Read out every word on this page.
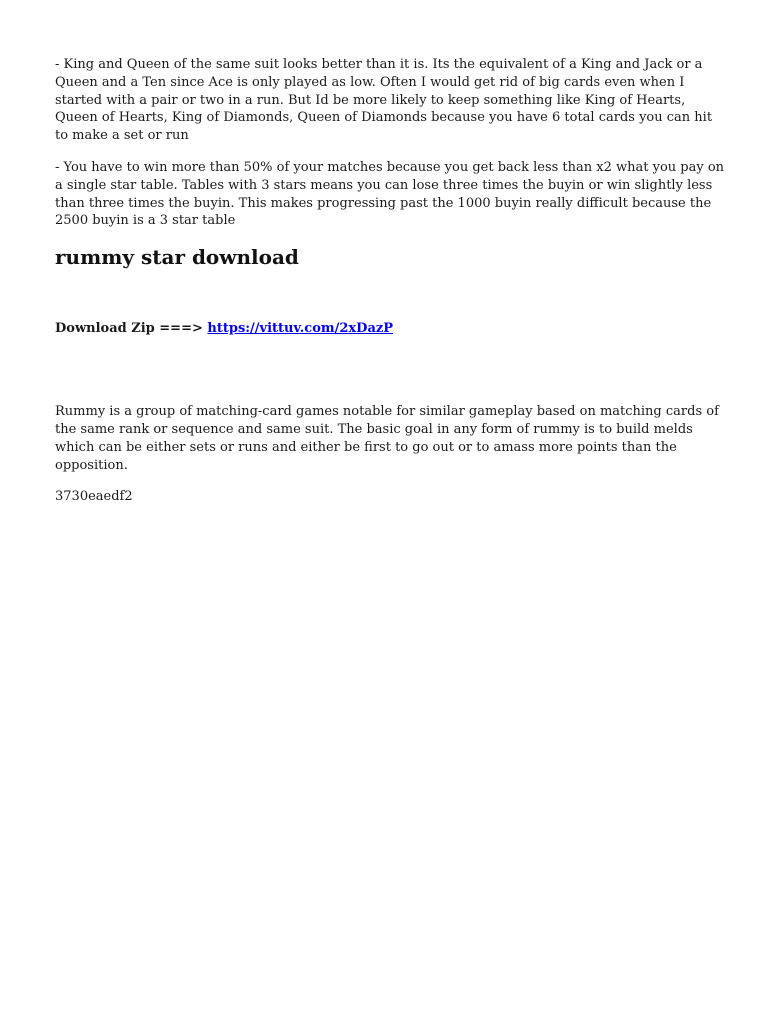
- King and Queen of the same suit looks better than it is. Its the equivalent of a King and Jack or a Queen and a Ten since Ace is only played as low. Often I would get rid of big cards even when I started with a pair or two in a run. But Id be more likely to keep something like King of Hearts, Queen of Hearts, King of Diamonds, Queen of Diamonds because you have 6 total cards you can hit to make a set or run

- You have to win more than 50% of your matches because you get back less than x2 what you pay on a single star table. Tables with 3 stars means you can lose three times the buyin or win slightly less than three times the buyin. This makes progressing past the 1000 buyin really difficult because the 2500 buyin is a 3 star table

rummy star download

Download Zip ===> https://vittuv.com/2xDazP

Rummy is a group of matching-card games notable for similar gameplay based on matching cards of the same rank or sequence and same suit. The basic goal in any form of rummy is to build melds which can be either sets or runs and either be first to go out or to amass more points than the opposition.

3730eaedf2
